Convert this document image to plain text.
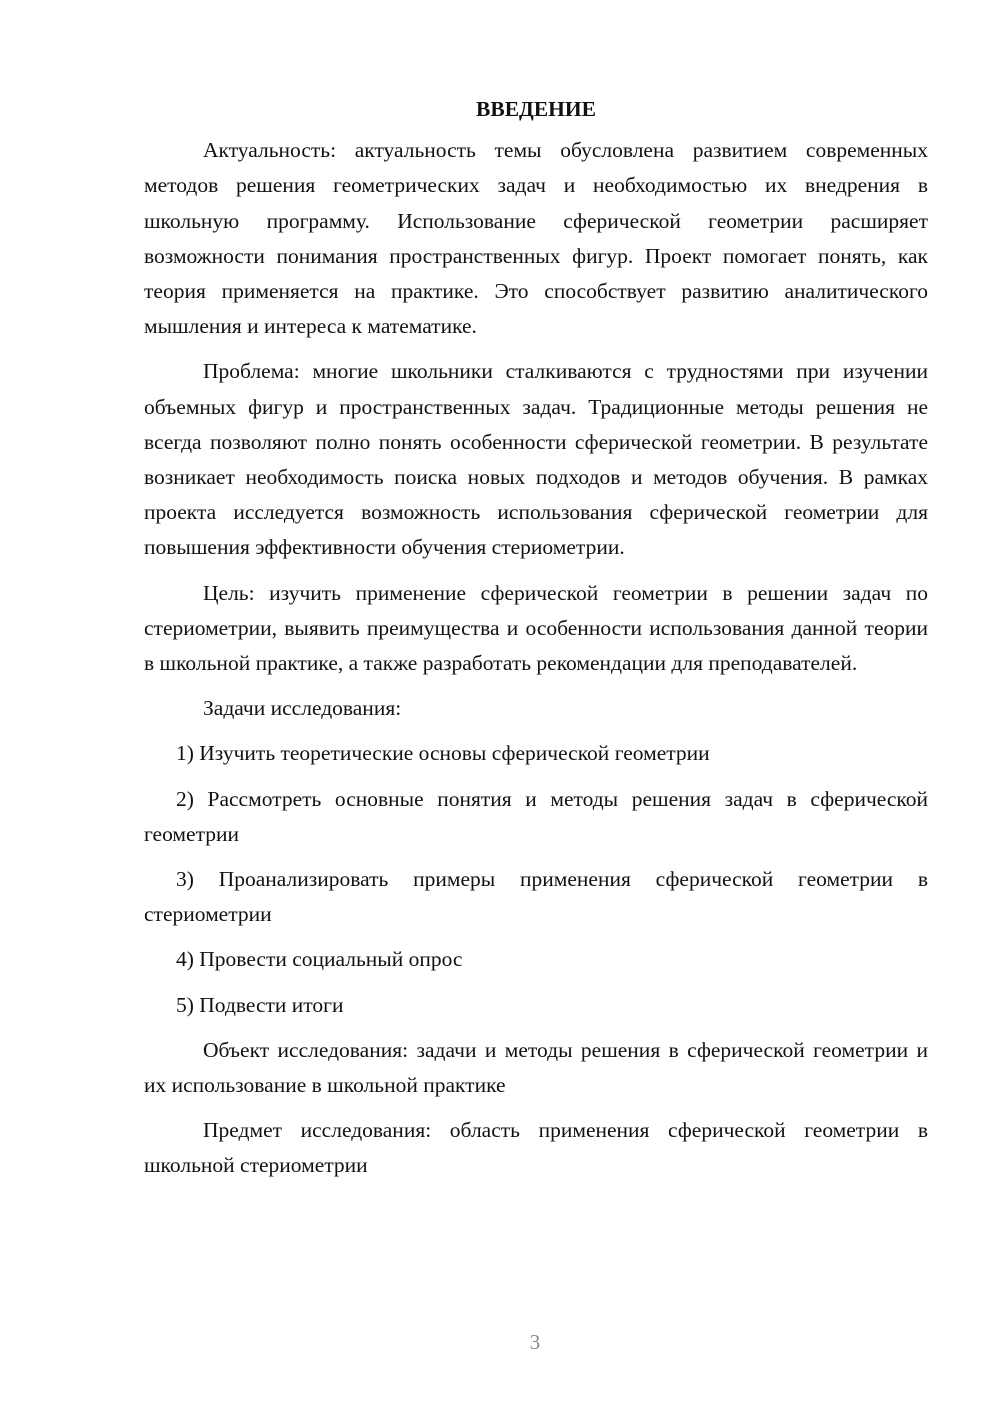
ВВЕДЕНИЕ

Актуальность: актуальность темы обусловлена развитием современных методов решения геометрических задач и необходимостью их внедрения в школьную программу. Использование сферической геометрии расширяет возможности понимания пространственных фигур. Проект помогает понять, как теория применяется на практике. Это способствует развитию аналитического мышления и интереса к математике.

Проблема: многие школьники сталкиваются с трудностями при изучении объемных фигур и пространственных задач. Традиционные методы решения не всегда позволяют полно понять особенности сферической геометрии. В результате возникает необходимость поиска новых подходов и методов обучения. В рамках проекта исследуется возможность использования сферической геометрии для повышения эффективности обучения стериометрии.

Цель: изучить применение сферической геометрии в решении задач по стериометрии, выявить преимущества и особенности использования данной теории в школьной практике, а также разработать рекомендации для преподавателей.

Задачи исследования:

1) Изучить теоретические основы сферической геометрии

2) Рассмотреть основные понятия и методы решения задач в сферической геометрии

3) Проанализировать примеры применения сферической геометрии в стериометрии

4) Провести социальный опрос

5) Подвести итоги

Объект исследования: задачи и методы решения в сферической геометрии и их использование в школьной практике

Предмет исследования: область применения сферической геометрии в школьной стериометрии

3
